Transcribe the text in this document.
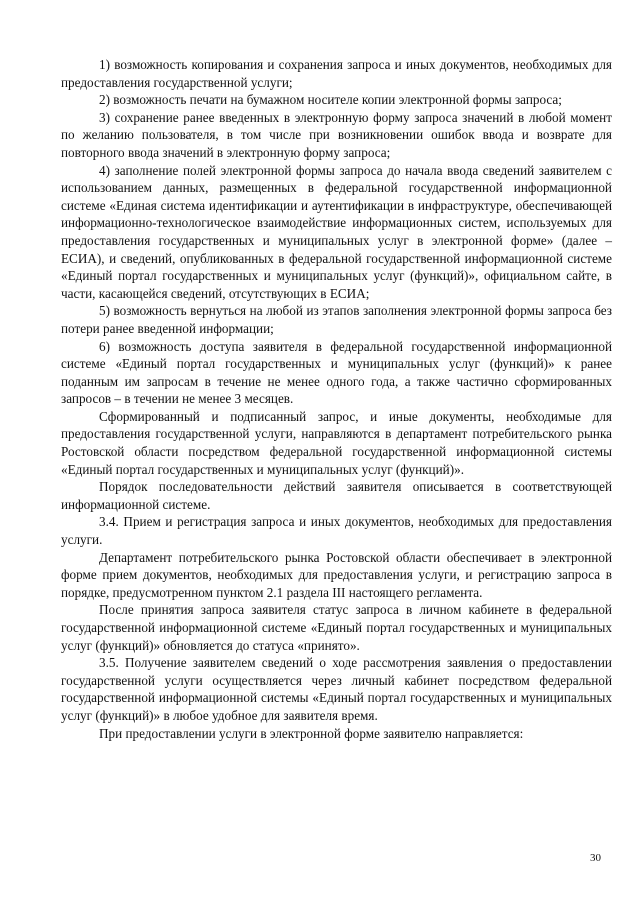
1) возможность копирования и сохранения запроса и иных документов, необходимых для предоставления государственной услуги;

2) возможность печати на бумажном носителе копии электронной формы запроса;

3) сохранение ранее введенных в электронную форму запроса значений в любой момент по желанию пользователя, в том числе при возникновении ошибок ввода и возврате для повторного ввода значений в электронную форму запроса;

4) заполнение полей электронной формы запроса до начала ввода сведений заявителем с использованием данных, размещенных в федеральной государственной информационной системе «Единая система идентификации и аутентификации в инфраструктуре, обеспечивающей информационно-технологическое взаимодействие информационных систем, используемых для предоставления государственных и муниципальных услуг в электронной форме» (далее – ЕСИА), и сведений, опубликованных в федеральной государственной информационной системе «Единый портал государственных и муниципальных услуг (функций)», официальном сайте, в части, касающейся сведений, отсутствующих в ЕСИА;

5) возможность вернуться на любой из этапов заполнения электронной формы запроса без потери ранее введенной информации;

6) возможность доступа заявителя в федеральной государственной информационной системе «Единый портал государственных и муниципальных услуг (функций)» к ранее поданным им запросам в течение не менее одного года, а также частично сформированных запросов – в течении не менее 3 месяцев.

Сформированный и подписанный запрос, и иные документы, необходимые для предоставления государственной услуги, направляются в департамент потребительского рынка Ростовской области посредством федеральной государственной информационной системы «Единый портал государственных и муниципальных услуг (функций)».

Порядок последовательности действий заявителя описывается в соответствующей информационной системе.

3.4. Прием и регистрация запроса и иных документов, необходимых для предоставления услуги.

Департамент потребительского рынка Ростовской области обеспечивает в электронной форме прием документов, необходимых для предоставления услуги, и регистрацию запроса в порядке, предусмотренном пунктом 2.1 раздела III настоящего регламента.

После принятия запроса заявителя статус запроса в личном кабинете в федеральной государственной информационной системе «Единый портал государственных и муниципальных услуг (функций)» обновляется до статуса «принято».

3.5. Получение заявителем сведений о ходе рассмотрения заявления о предоставлении государственной услуги осуществляется через личный кабинет посредством федеральной государственной информационной системы «Единый портал государственных и муниципальных услуг (функций)» в любое удобное для заявителя время.

При предоставлении услуги в электронной форме заявителю направляется:

30
